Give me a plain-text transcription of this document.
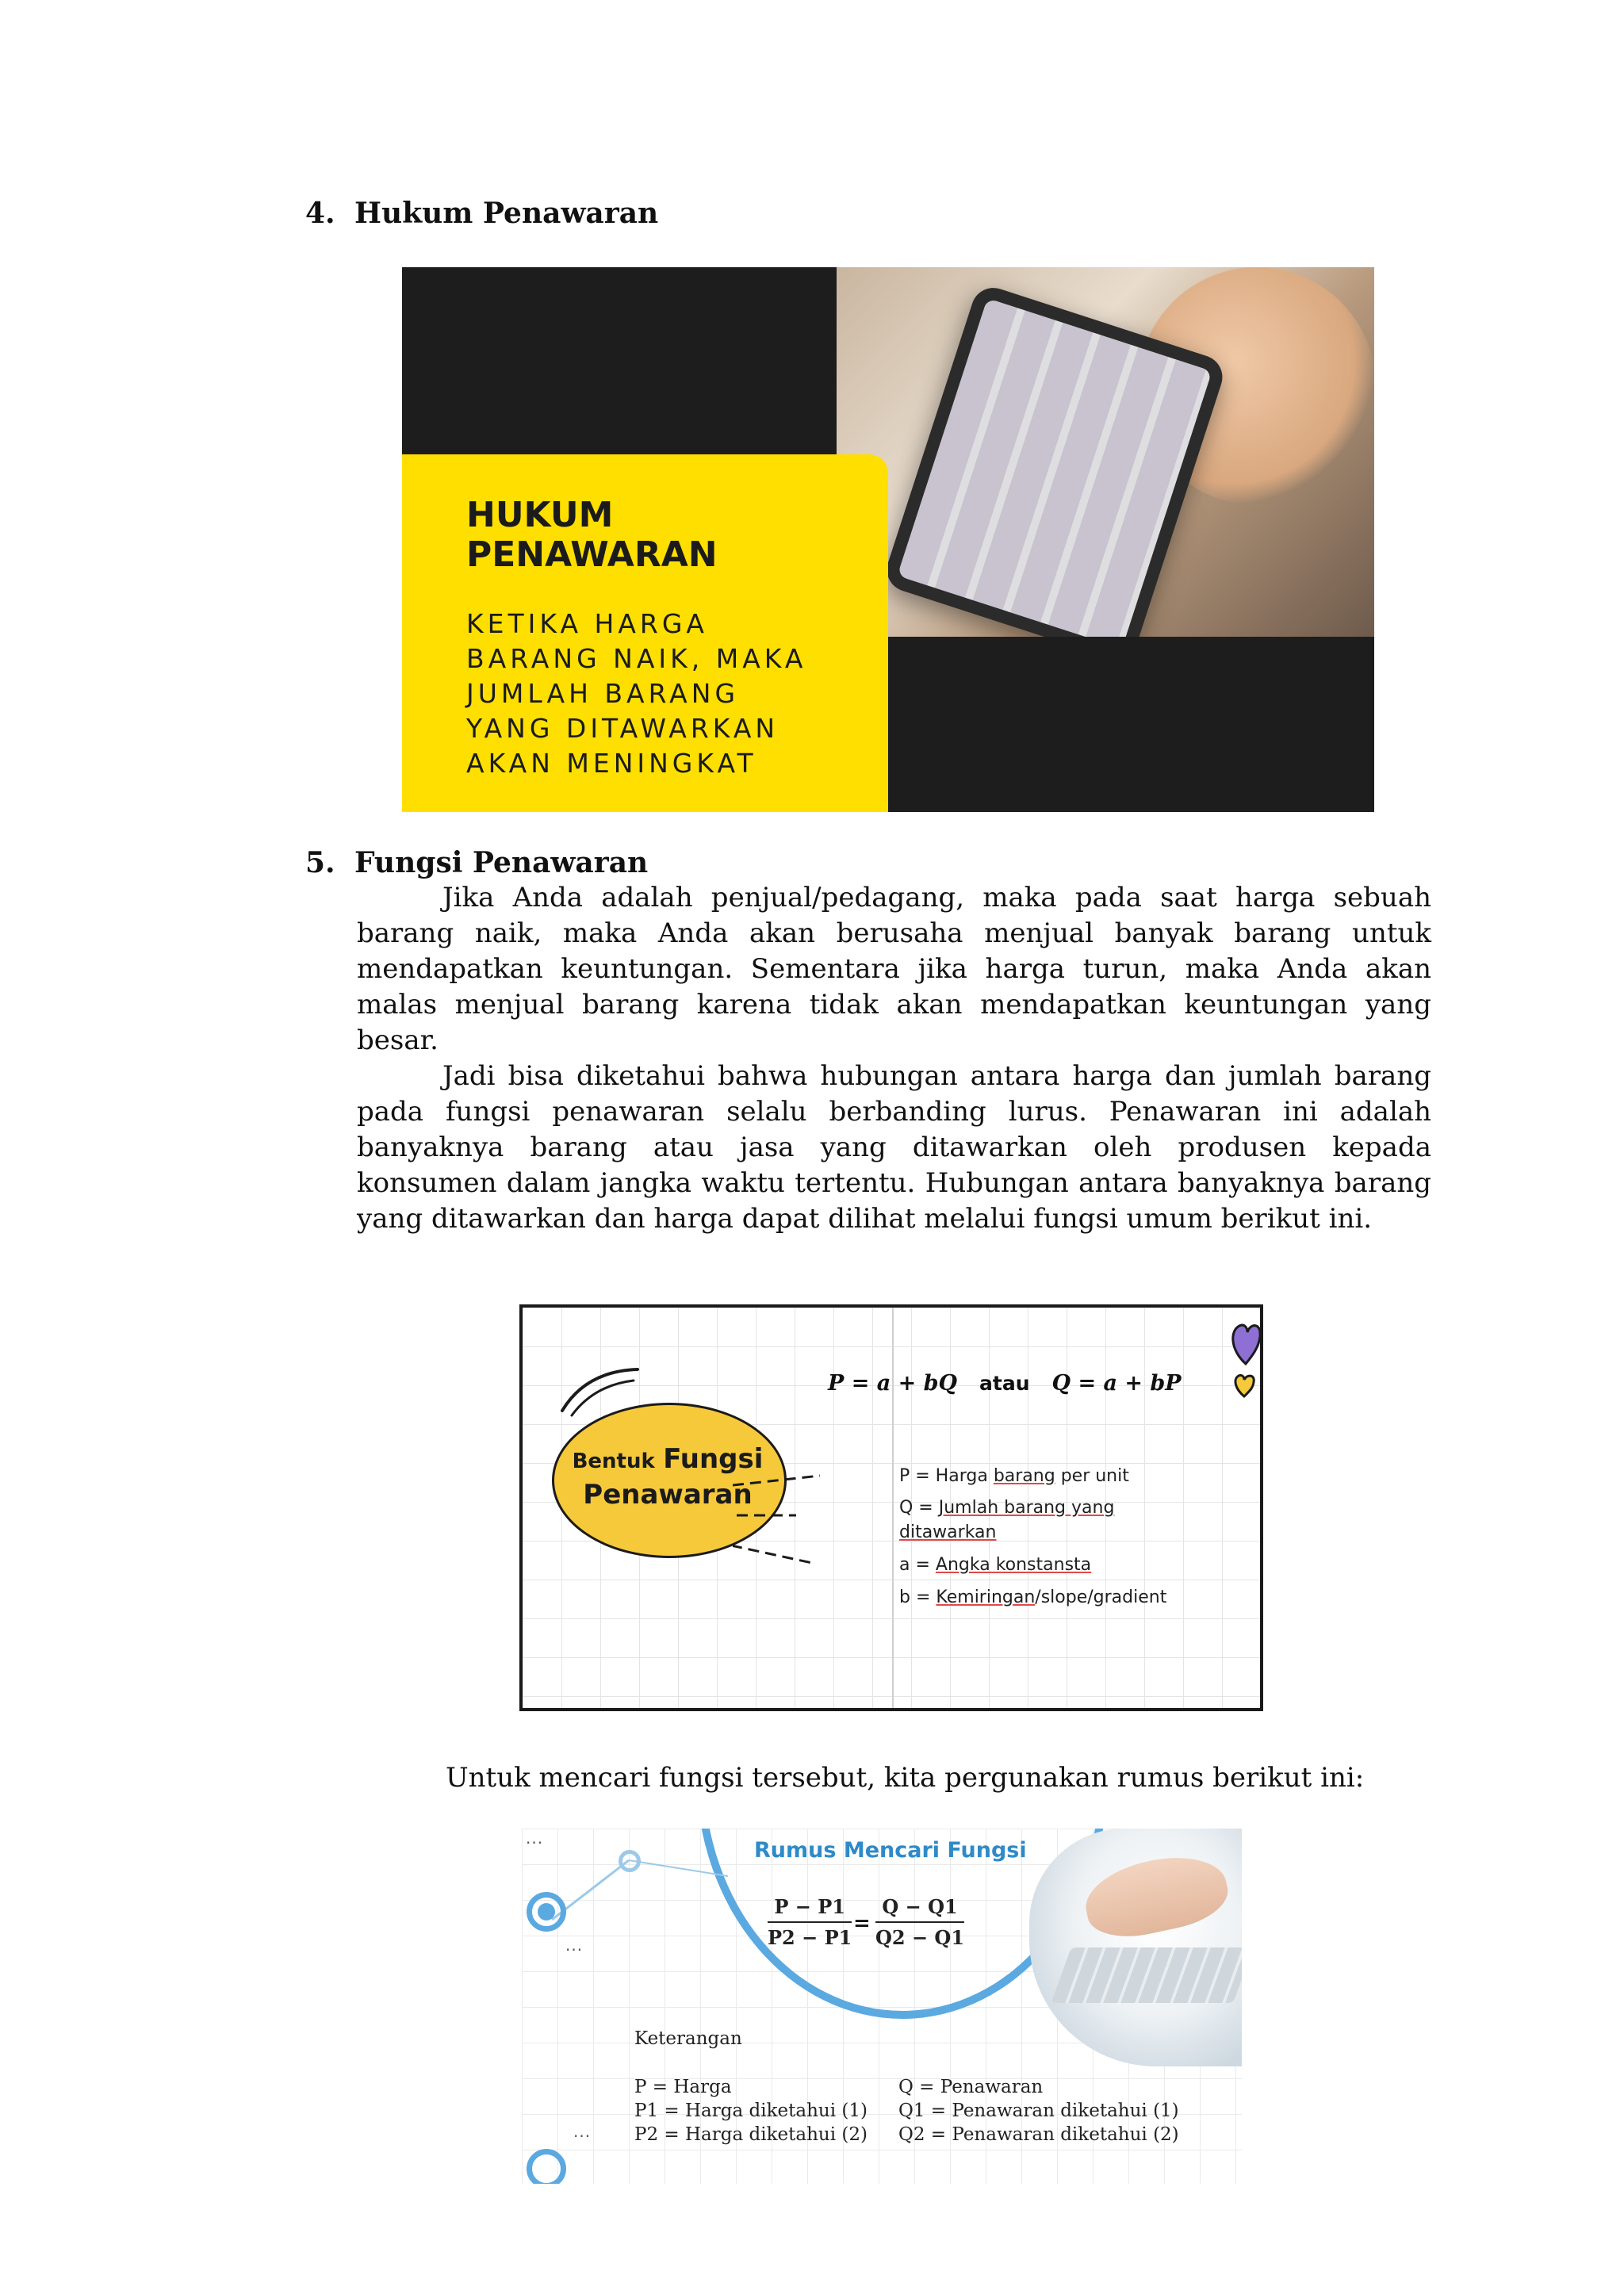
4. Hukum Penawaran
HUKUM
PENAWARAN
KETIKA HARGA
BARANG NAIK, MAKA
JUMLAH BARANG
YANG DITAWARKAN
AKAN MENINGKAT
5. Fungsi Penawaran

Jika Anda adalah penjual/pedagang, maka pada saat harga sebuah barang naik, maka Anda akan berusaha menjual banyak barang untuk mendapatkan keuntungan. Sementara jika harga turun, maka Anda akan malas menjual barang karena tidak akan mendapatkan keuntungan yang besar.

Jadi bisa diketahui bahwa hubungan antara harga dan jumlah barang pada fungsi penawaran selalu berbanding lurus. Penawaran ini adalah banyaknya barang atau jasa yang ditawarkan oleh produsen kepada konsumen dalam jangka waktu tertentu. Hubungan antara banyaknya barang yang ditawarkan dan harga dapat dilihat melalui fungsi umum berikut ini.

P = a + bQ atau Q = a + bP
Bentuk Fungsi
Penawaran
P = Harga barang per unit
Q = Jumlah barang yang
ditawarkan
a = Angka konstansta
b = Kemiringan/slope/gradient
Untuk mencari fungsi tersebut, kita pergunakan rumus berikut ini:
...
...
...
Rumus Mencari Fungsi
$\frac{P - P1}{P2 - P1} = \frac{Q - Q1}{Q2 - Q1}$
Keterangan
P = Harga
P1 = Harga diketahui (1)
P2 = Harga diketahui (2)
Q = Penawaran
Q1 = Penawaran diketahui (1)
Q2 = Penawaran diketahui (2)
